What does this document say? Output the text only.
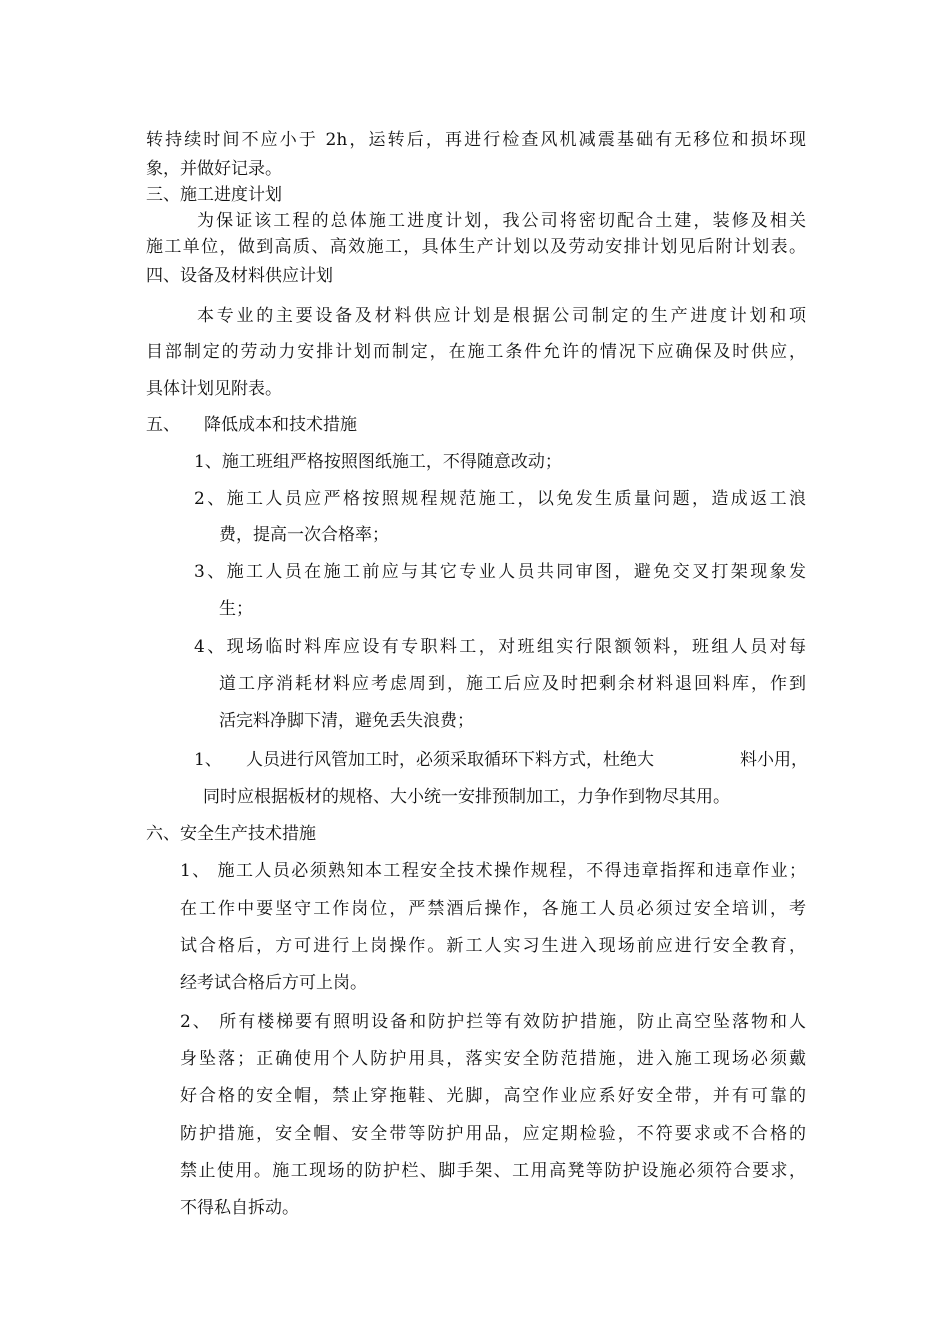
转持续时间不应小于 2h，运转后，再进行检查风机减震基础有无移位和损坏现
象，并做好记录。
三、施工进度计划
为保证该工程的总体施工进度计划，我公司将密切配合土建，装修及相关
施工单位，做到高质、高效施工，具体生产计划以及劳动安排计划见后附计划表。
四、设备及材料供应计划
本专业的主要设备及材料供应计划是根据公司制定的生产进度计划和项
目部制定的劳动力安排计划而制定，在施工条件允许的情况下应确保及时供应，
具体计划见附表。
五、 降低成本和技术措施
1、施工班组严格按照图纸施工，不得随意改动；
2、施工人员应严格按照规程规范施工，以免发生质量问题，造成返工浪
费，提高一次合格率；
3、施工人员在施工前应与其它专业人员共同审图，避免交叉打架现象发
生；
4、现场临时料库应设有专职料工，对班组实行限额领料，班组人员对每
道工序消耗材料应考虑周到，施工后应及时把剩余材料退回料库，作到
活完料净脚下清，避免丢失浪费；
1、 人员进行风管加工时，必须采取循环下料方式，杜绝大	料小用，
同时应根据板材的规格、大小统一安排预制加工，力争作到物尽其用。
六、安全生产技术措施
1、 施工人员必须熟知本工程安全技术操作规程，不得违章指挥和违章作业；
在工作中要坚守工作岗位，严禁酒后操作，各施工人员必须过安全培训，考
试合格后，方可进行上岗操作。新工人实习生进入现场前应进行安全教育，
经考试合格后方可上岗。
2、 所有楼梯要有照明设备和防护拦等有效防护措施，防止高空坠落物和人
身坠落；正确使用个人防护用具，落实安全防范措施，进入施工现场必须戴
好合格的安全帽，禁止穿拖鞋、光脚，高空作业应系好安全带，并有可靠的
防护措施，安全帽、安全带等防护用品，应定期检验，不符要求或不合格的
禁止使用。施工现场的防护栏、脚手架、工用高凳等防护设施必须符合要求，
不得私自拆动。
